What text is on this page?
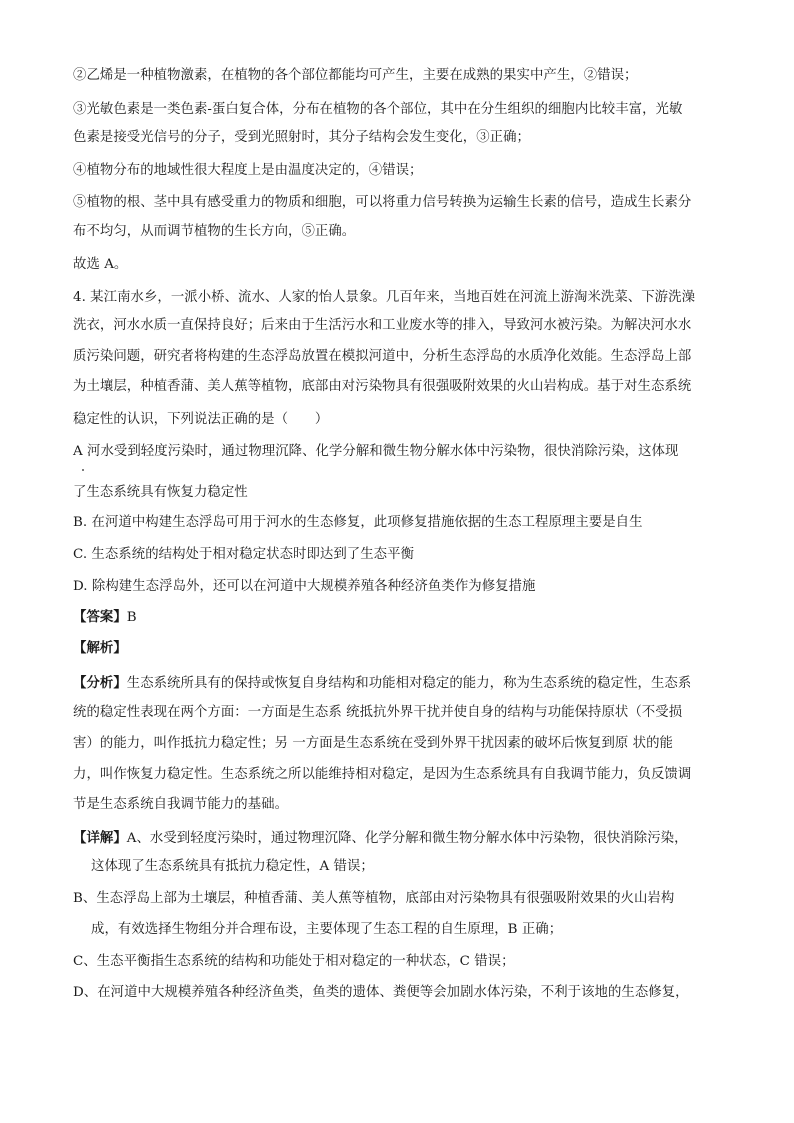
②乙烯是一种植物激素，在植物的各个部位都能均可产生，主要在成熟的果实中产生，②错误；
③光敏色素是一类色素-蛋白复合体，分布在植物的各个部位，其中在分生组织的细胞内比较丰富，光敏
色素是接受光信号的分子，受到光照射时，其分子结构会发生变化，③正确；
④植物分布的地域性很大程度上是由温度决定的，④错误；
⑤植物的根、茎中具有感受重力的物质和细胞，可以将重力信号转换为运输生长素的信号，造成生长素分
布不均匀，从而调节植物的生长方向，⑤正确。
故选 A。
4. 某江南水乡，一派小桥、流水、人家的怡人景象。几百年来，当地百姓在河流上游淘米洗菜、下游洗澡
洗衣，河水水质一直保持良好；后来由于生活污水和工业废水等的排入，导致河水被污染。为解决河水水
质污染问题，研究者将构建的生态浮岛放置在模拟河道中，分析生态浮岛的水质净化效能。生态浮岛上部
为土壤层，种植香蒲、美人蕉等植物，底部由对污染物具有很强吸附效果的火山岩构成。基于对生态系统
稳定性的认识，下列说法正确的是（　　）
A 河水受到轻度污染时，通过物理沉降、化学分解和微生物分解水体中污染物，很快消除污染，这体现
了生态系统具有恢复力稳定性
B. 在河道中构建生态浮岛可用于河水的生态修复，此项修复措施依据的生态工程原理主要是自生
C. 生态系统的结构处于相对稳定状态时即达到了生态平衡
D. 除构建生态浮岛外，还可以在河道中大规模养殖各种经济鱼类作为修复措施
【答案】B
【解析】
【分析】生态系统所具有的保持或恢复自身结构和功能相对稳定的能力，称为生态系统的稳定性，生态系
统的稳定性表现在两个方面：一方面是生态系 统抵抗外界干扰并使自身的结构与功能保持原状（不受损
害）的能力，叫作抵抗力稳定性；另 一方面是生态系统在受到外界干扰因素的破坏后恢复到原 状的能
力，叫作恢复力稳定性。生态系统之所以能维持相对稳定，是因为生态系统具有自我调节能力，负反馈调
节是生态系统自我调节能力的基础。
【详解】A、水受到轻度污染时，通过物理沉降、化学分解和微生物分解水体中污染物，很快消除污染，
这体现了生态系统具有抵抗力稳定性，A 错误；
B、生态浮岛上部为土壤层，种植香蒲、美人蕉等植物，底部由对污染物具有很强吸附效果的火山岩构
成，有效选择生物组分并合理布设，主要体现了生态工程的自生原理，B 正确；
C、生态平衡指生态系统的结构和功能处于相对稳定的一种状态，C 错误；
D、在河道中大规模养殖各种经济鱼类，鱼类的遗体、粪便等会加剧水体污染，不利于该地的生态修复，
